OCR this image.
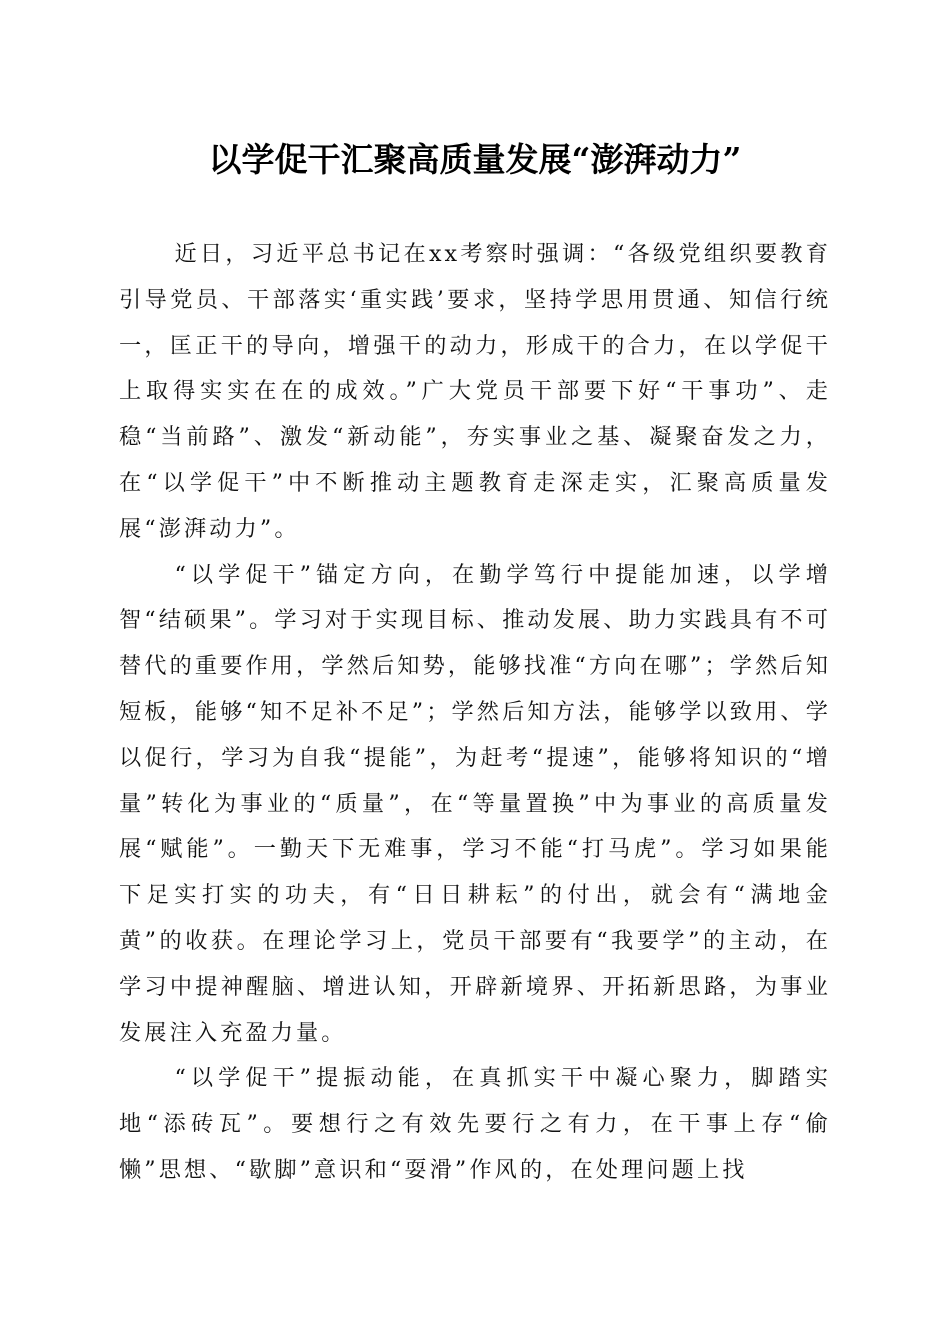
以学促干汇聚高质量发展“澎湃动力”

近日，习近平总书记在xx考察时强调：“各级党组织要教育引导党员、干部落实‘重实践’要求，坚持学思用贯通、知信行统一，匡正干的导向，增强干的动力，形成干的合力，在以学促干上取得实实在在的成效。”广大党员干部要下好“干事功”、走稳“当前路”、激发“新动能”，夯实事业之基、凝聚奋发之力，在“以学促干”中不断推动主题教育走深走实，汇聚高质量发展“澎湃动力”。

“以学促干”锚定方向，在勤学笃行中提能加速，以学增智“结硕果”。学习对于实现目标、推动发展、助力实践具有不可替代的重要作用，学然后知势，能够找准“方向在哪”；学然后知短板，能够“知不足补不足”；学然后知方法，能够学以致用、学以促行，学习为自我“提能”，为赶考“提速”，能够将知识的“增量”转化为事业的“质量”，在“等量置换”中为事业的高质量发展“赋能”。一勤天下无难事，学习不能“打马虎”。学习如果能下足实打实的功夫，有“日日耕耘”的付出，就会有“满地金黄”的收获。在理论学习上，党员干部要有“我要学”的主动，在学习中提神醒脑、增进认知，开辟新境界、开拓新思路，为事业发展注入充盈力量。

“以学促干”提振动能，在真抓实干中凝心聚力，脚踏实地“添砖瓦”。要想行之有效先要行之有力，在干事上存“偷懒”思想、“歇脚”意识和“耍滑”作风的，在处理问题上找
